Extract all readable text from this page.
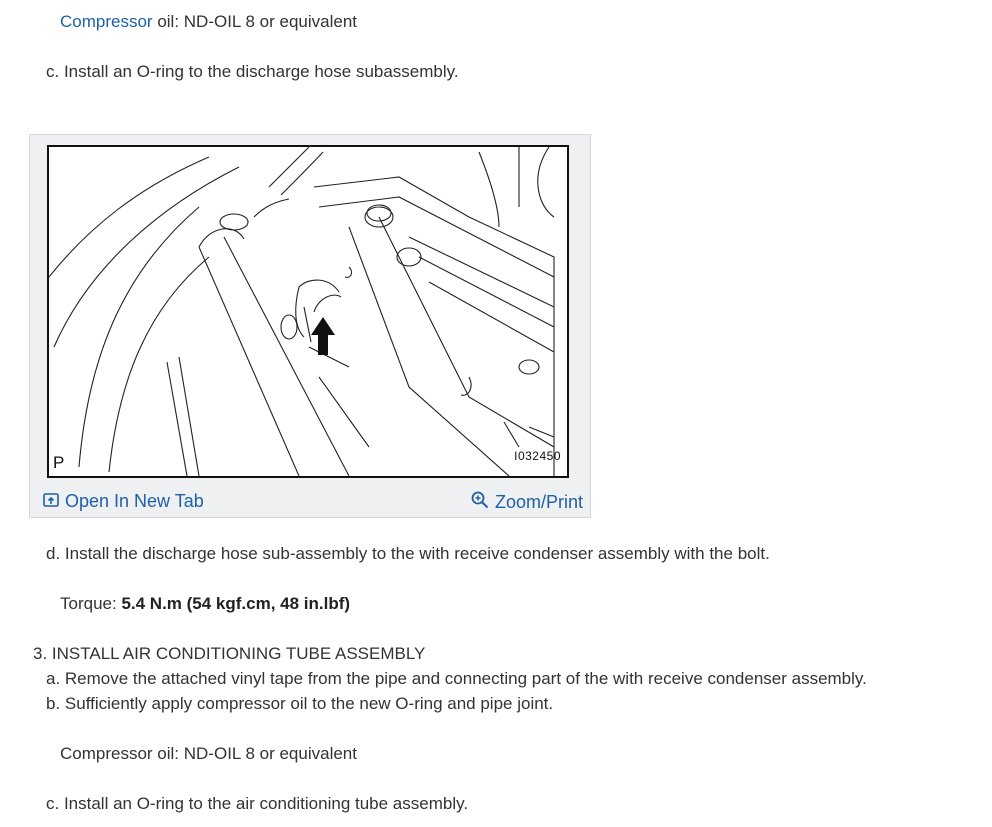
Compressor oil: ND-OIL 8 or equivalent
c. Install an O-ring to the discharge hose subassembly.
P	I032450
Open In New Tab	Zoom/Print
d. Install the discharge hose sub-assembly to the with receive condenser assembly with the bolt.
Torque: 5.4 N.m (54 kgf.cm, 48 in.lbf)
3. INSTALL AIR CONDITIONING TUBE ASSEMBLY
a. Remove the attached vinyl tape from the pipe and connecting part of the with receive condenser assembly.
b. Sufficiently apply compressor oil to the new O-ring and pipe joint.
Compressor oil: ND-OIL 8 or equivalent
c. Install an O-ring to the air conditioning tube assembly.
